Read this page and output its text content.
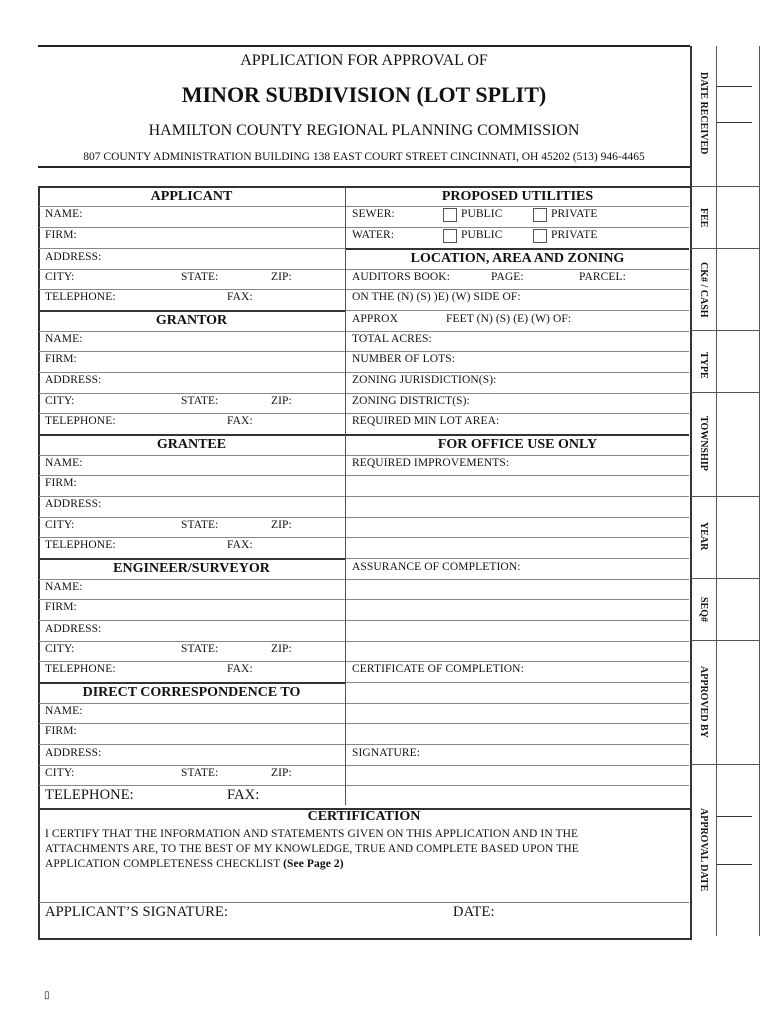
APPLICATION FOR APPROVAL OF
MINOR SUBDIVISION (LOT SPLIT)
HAMILTON COUNTY REGIONAL PLANNING COMMISSION
807 COUNTY ADMINISTRATION BUILDING 138 EAST COURT STREET CINCINNATI, OH 45202 (513) 946-4465
APPLICANT
NAME:
FIRM:
ADDRESS:
CITY:	STATE:	ZIP:
TELEPHONE:	FAX:
GRANTOR
NAME:
FIRM:
ADDRESS:
CITY:	STATE:	ZIP:
TELEPHONE:	FAX:
GRANTEE
NAME:
FIRM:
ADDRESS:
CITY:	STATE:	ZIP:
TELEPHONE:	FAX:
ENGINEER/SURVEYOR
NAME:
FIRM:
ADDRESS:
CITY:	STATE:	ZIP:
TELEPHONE:	FAX:
DIRECT CORRESPONDENCE TO
NAME:
FIRM:
ADDRESS:
CITY:	STATE:	ZIP:
TELEPHONE:	FAX:
PROPOSED UTILITIES
SEWER:	PUBLIC	PRIVATE
WATER:	PUBLIC	PRIVATE
LOCATION, AREA AND ZONING
AUDITORS BOOK:	PAGE:	PARCEL:
ON THE (N) (S) )E) (W) SIDE OF:
APPROX	FEET (N) (S) (E) (W) OF:
TOTAL ACRES:
NUMBER OF LOTS:
ZONING JURISDICTION(S):
ZONING DISTRICT(S):
REQUIRED MIN LOT AREA:
FOR OFFICE USE ONLY
REQUIRED IMPROVEMENTS:
ASSURANCE OF COMPLETION:
CERTIFICATE OF COMPLETION:
SIGNATURE:
CERTIFICATION
I CERTIFY THAT THE INFORMATION AND STATEMENTS GIVEN ON THIS APPLICATION AND IN THE
ATTACHMENTS ARE, TO THE BEST OF MY KNOWLEDGE, TRUE AND COMPLETE BASED UPON THE
APPLICATION COMPLETENESS CHECKLIST (See Page 2)
APPLICANT’S SIGNATURE:	DATE:
DATE RECEIVED
FEE
CK# / CASH
TYPE
TOWNSHIP
YEAR
SEQ#
APPROVED BY
APPROVAL DATE
▯
